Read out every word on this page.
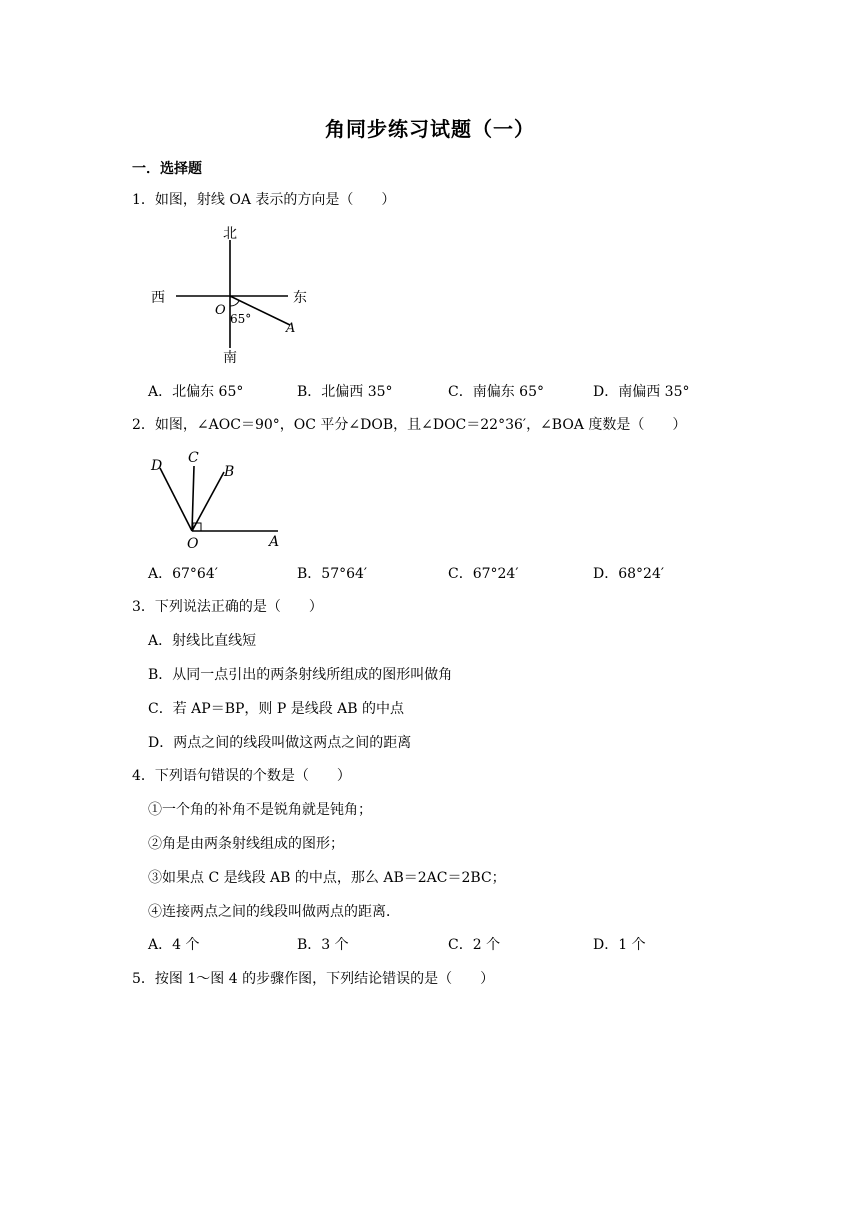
角同步练习试题（一）
一．选择题
1．如图，射线 OA 表示的方向是（　　）
北
南
西	东
O
A
65°
A．北偏东 65°	B．北偏西 35°	C．南偏东 65°	D．南偏西 35°
2．如图，∠AOC＝90°，OC 平分∠DOB，且∠DOC＝22°36′，∠BOA 度数是（　　）
D C
B
O	A
A．67°64′	B．57°64′	C．67°24′	D．68°24′
3．下列说法正确的是（　　）
A．射线比直线短
B．从同一点引出的两条射线所组成的图形叫做角
C．若 AP＝BP，则 P 是线段 AB 的中点
D．两点之间的线段叫做这两点之间的距离
4．下列语句错误的个数是（　　）
①一个角的补角不是锐角就是钝角；
②角是由两条射线组成的图形；
③如果点 C 是线段 AB 的中点，那么 AB＝2AC＝2BC；
④连接两点之间的线段叫做两点的距离．
A．4 个	B．3 个	C．2 个	D．1 个
5．按图 1～图 4 的步骤作图，下列结论错误的是（　　）
